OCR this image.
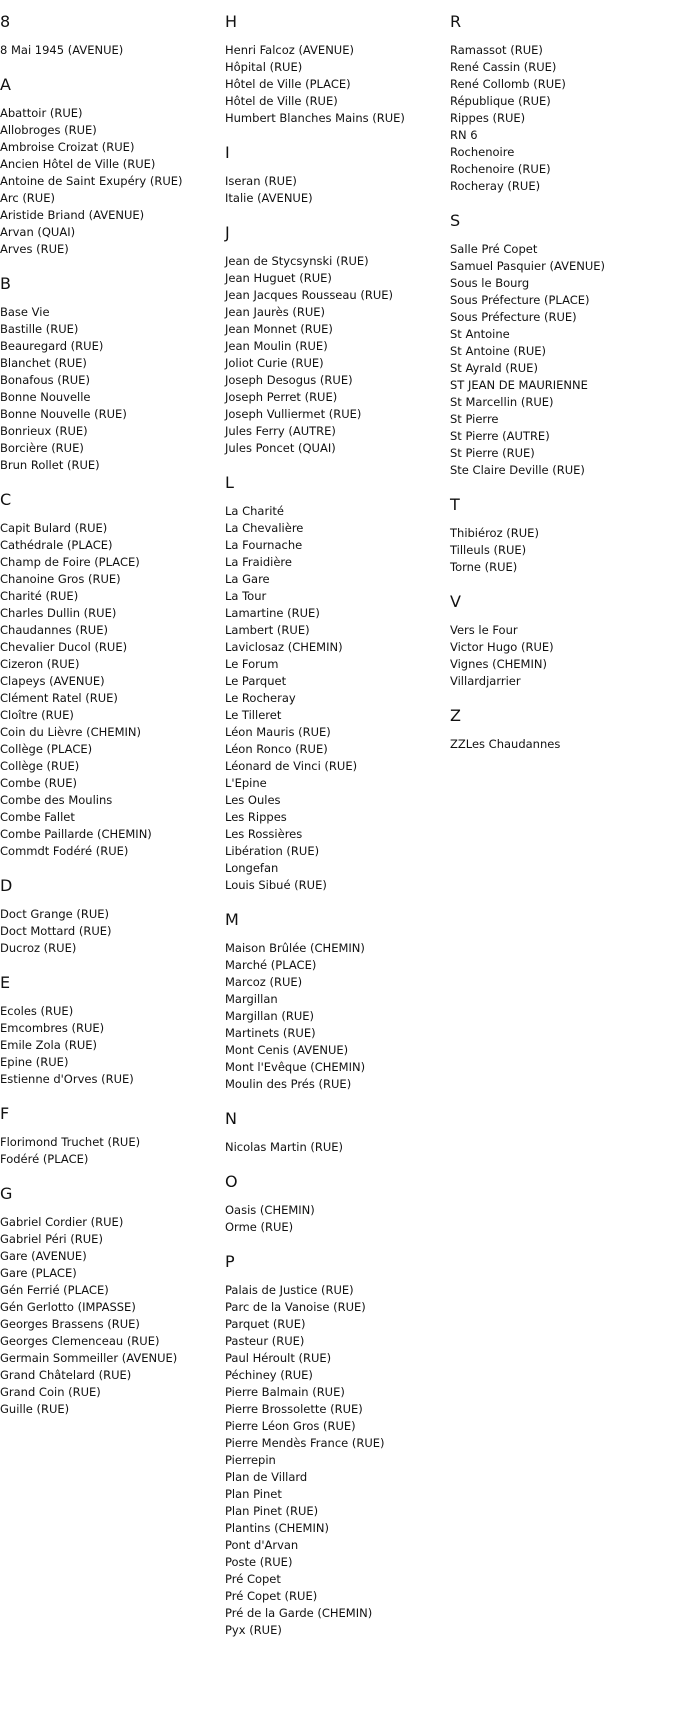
8
8 Mai 1945 (AVENUE)
A
Abattoir (RUE)
Allobroges (RUE)
Ambroise Croizat (RUE)
Ancien Hôtel de Ville (RUE)
Antoine de Saint Exupéry (RUE)
Arc (RUE)
Aristide Briand (AVENUE)
Arvan (QUAI)
Arves (RUE)
B
Base Vie
Bastille (RUE)
Beauregard (RUE)
Blanchet (RUE)
Bonafous (RUE)
Bonne Nouvelle
Bonne Nouvelle (RUE)
Bonrieux (RUE)
Borcière (RUE)
Brun Rollet (RUE)
C
Capit Bulard (RUE)
Cathédrale (PLACE)
Champ de Foire (PLACE)
Chanoine Gros (RUE)
Charité (RUE)
Charles Dullin (RUE)
Chaudannes (RUE)
Chevalier Ducol (RUE)
Cizeron (RUE)
Clapeys (AVENUE)
Clément Ratel (RUE)
Cloître (RUE)
Coin du Lièvre (CHEMIN)
Collège (PLACE)
Collège (RUE)
Combe (RUE)
Combe des Moulins
Combe Fallet
Combe Paillarde (CHEMIN)
Commdt Fodéré (RUE)
D
Doct Grange (RUE)
Doct Mottard (RUE)
Ducroz (RUE)
E
Ecoles (RUE)
Emcombres (RUE)
Emile Zola (RUE)
Epine (RUE)
Estienne d'Orves (RUE)
F
Florimond Truchet (RUE)
Fodéré (PLACE)
G
Gabriel Cordier (RUE)
Gabriel Péri (RUE)
Gare (AVENUE)
Gare (PLACE)
Gén Ferrié (PLACE)
Gén Gerlotto (IMPASSE)
Georges Brassens (RUE)
Georges Clemenceau (RUE)
Germain Sommeiller (AVENUE)
Grand Châtelard (RUE)
Grand Coin (RUE)
Guille (RUE)
H
Henri Falcoz (AVENUE)
Hôpital (RUE)
Hôtel de Ville (PLACE)
Hôtel de Ville (RUE)
Humbert Blanches Mains (RUE)
I
Iseran (RUE)
Italie (AVENUE)
J
Jean de Stycsynski (RUE)
Jean Huguet (RUE)
Jean Jacques Rousseau (RUE)
Jean Jaurès (RUE)
Jean Monnet (RUE)
Jean Moulin (RUE)
Joliot Curie (RUE)
Joseph Desogus (RUE)
Joseph Perret (RUE)
Joseph Vulliermet (RUE)
Jules Ferry (AUTRE)
Jules Poncet (QUAI)
L
La Charité
La Chevalière
La Fournache
La Fraidière
La Gare
La Tour
Lamartine (RUE)
Lambert (RUE)
Laviclosaz (CHEMIN)
Le Forum
Le Parquet
Le Rocheray
Le Tilleret
Léon Mauris (RUE)
Léon Ronco (RUE)
Léonard de Vinci (RUE)
L'Epine
Les Oules
Les Rippes
Les Rossières
Libération (RUE)
Longefan
Louis Sibué (RUE)
M
Maison Brûlée (CHEMIN)
Marché (PLACE)
Marcoz (RUE)
Margillan
Margillan (RUE)
Martinets (RUE)
Mont Cenis (AVENUE)
Mont l'Evêque (CHEMIN)
Moulin des Prés (RUE)
N
Nicolas Martin (RUE)
O
Oasis (CHEMIN)
Orme (RUE)
P
Palais de Justice (RUE)
Parc de la Vanoise (RUE)
Parquet (RUE)
Pasteur (RUE)
Paul Héroult (RUE)
Péchiney (RUE)
Pierre Balmain (RUE)
Pierre Brossolette (RUE)
Pierre Léon Gros (RUE)
Pierre Mendès France (RUE)
Pierrepin
Plan de Villard
Plan Pinet
Plan Pinet (RUE)
Plantins (CHEMIN)
Pont d'Arvan
Poste (RUE)
Pré Copet
Pré Copet (RUE)
Pré de la Garde (CHEMIN)
Pyx (RUE)
R
Ramassot (RUE)
René Cassin (RUE)
René Collomb (RUE)
République (RUE)
Rippes (RUE)
RN 6
Rochenoire
Rochenoire (RUE)
Rocheray (RUE)
S
Salle Pré Copet
Samuel Pasquier (AVENUE)
Sous le Bourg
Sous Préfecture (PLACE)
Sous Préfecture (RUE)
St Antoine
St Antoine (RUE)
St Ayrald (RUE)
ST JEAN DE MAURIENNE
St Marcellin (RUE)
St Pierre
St Pierre (AUTRE)
St Pierre (RUE)
Ste Claire Deville (RUE)
T
Thibiéroz (RUE)
Tilleuls (RUE)
Torne (RUE)
V
Vers le Four
Victor Hugo (RUE)
Vignes (CHEMIN)
Villardjarrier
Z
ZZLes Chaudannes
